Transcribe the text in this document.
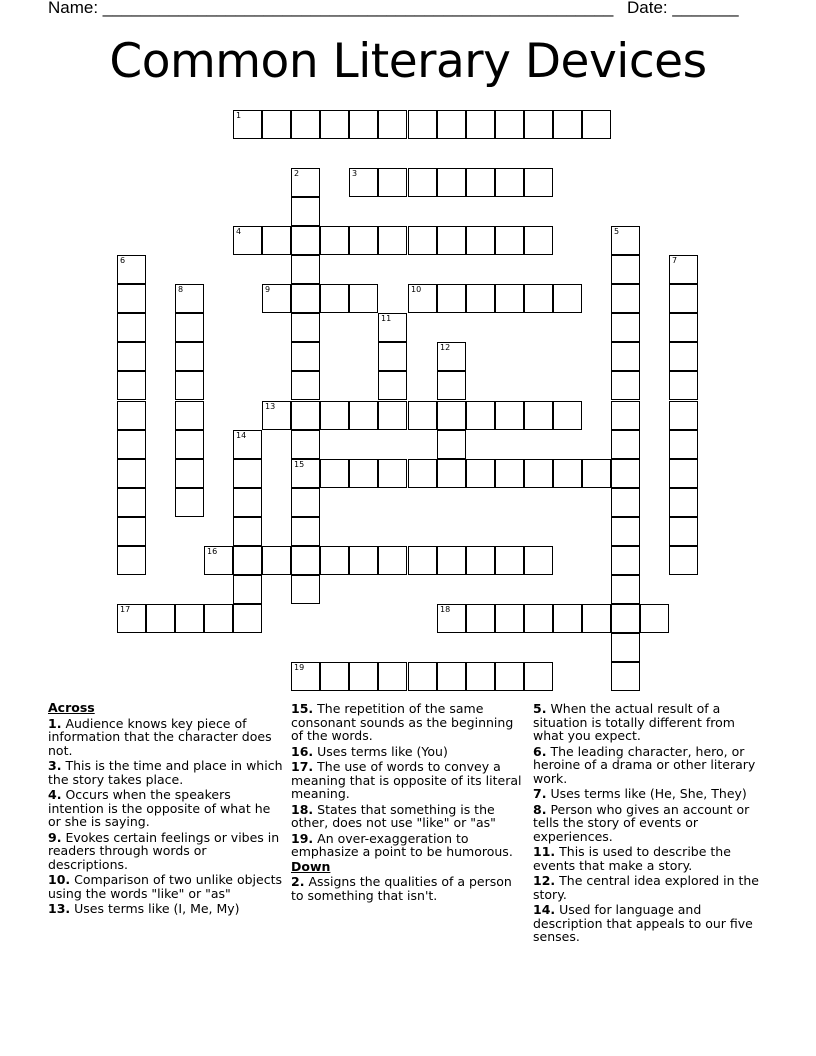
Name: ______________________________________________________ Date: _______
Common Literary Devices
1
3
4
9	10
13
15
16
17	18
19
2
5
6	7
8
11
12
14
Across
1. Audience knows key piece of information that the character does not.
3. This is the time and place in which the story takes place.
4. Occurs when the speakers intention is the opposite of what he or she is saying.
9. Evokes certain feelings or vibes in readers through words or descriptions.
10. Comparison of two unlike objects using the words "like" or "as"
13. Uses terms like (I, Me, My)
15. The repetition of the same consonant sounds as the beginning of the words.
16. Uses terms like (You)
17. The use of words to convey a meaning that is opposite of its literal meaning.
18. States that something is the other, does not use "like" or "as"
19. An over-exaggeration to emphasize a point to be humorous.
Down
2. Assigns the qualities of a person to something that isn't.
5. When the actual result of a situation is totally different from what you expect.
6. The leading character, hero, or heroine of a drama or other literary work.
7. Uses terms like (He, She, They)
8. Person who gives an account or tells the story of events or experiences.
11. This is used to describe the events that make a story.
12. The central idea explored in the story.
14. Used for language and description that appeals to our five senses.
